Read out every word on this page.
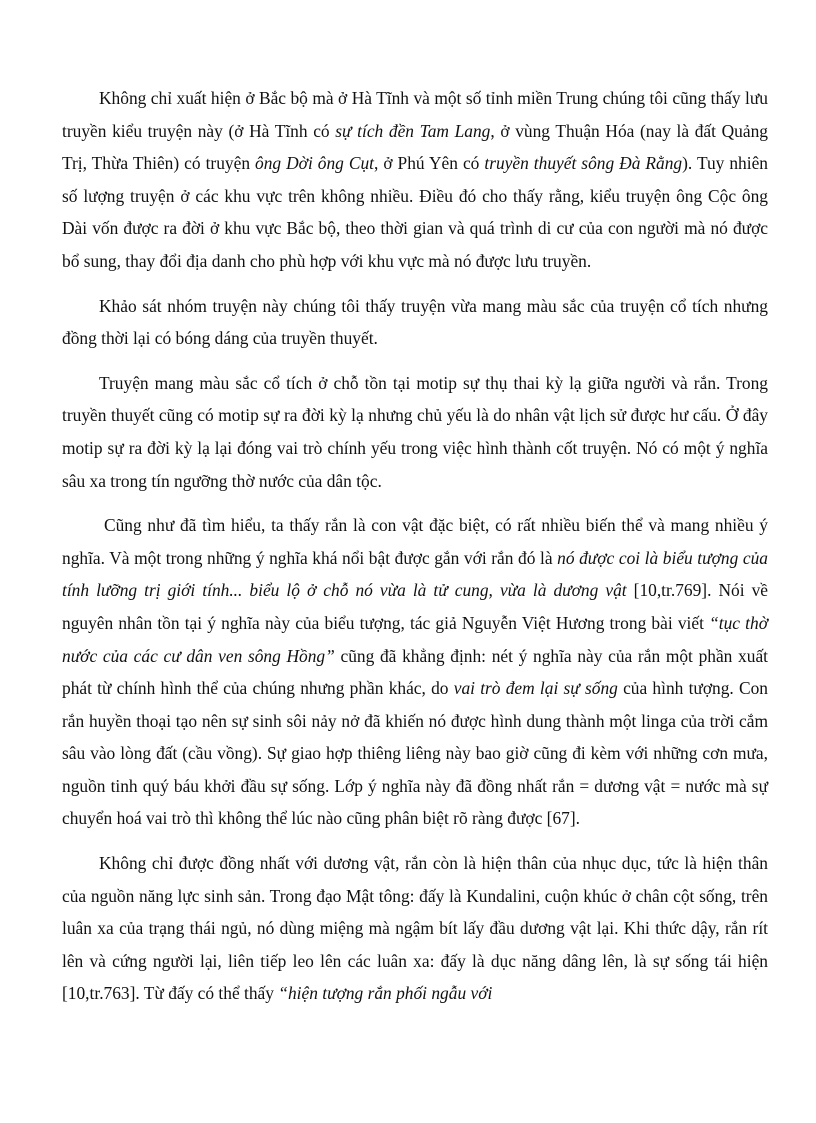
Không chỉ xuất hiện ở Bắc bộ mà ở Hà Tĩnh và một số tỉnh miền Trung chúng tôi cũng thấy lưu truyền kiểu truyện này (ở Hà Tĩnh có sự tích đền Tam Lang, ở vùng Thuận Hóa (nay là đất Quảng Trị, Thừa Thiên) có truyện ông Dời ông Cụt, ở Phú Yên có truyền thuyết sông Đà Rằng). Tuy nhiên số lượng truyện ở các khu vực trên không nhiều. Điều đó cho thấy rằng, kiểu truyện ông Cộc ông Dài vốn được ra đời ở khu vực Bắc bộ, theo thời gian và quá trình di cư của con người mà nó được bổ sung, thay đổi địa danh cho phù hợp với khu vực mà nó được lưu truyền.

Khảo sát nhóm truyện này chúng tôi thấy truyện vừa mang màu sắc của truyện cổ tích nhưng đồng thời lại có bóng dáng của truyền thuyết.

Truyện mang màu sắc cổ tích ở chỗ tồn tại motip sự thụ thai kỳ lạ giữa người và rắn. Trong truyền thuyết cũng có motip sự ra đời kỳ lạ nhưng chủ yếu là do nhân vật lịch sử được hư cấu. Ở đây motip sự ra đời kỳ lạ lại đóng vai trò chính yếu trong việc hình thành cốt truyện. Nó có một ý nghĩa sâu xa trong tín ngưỡng thờ nước của dân tộc.

Cũng như đã tìm hiểu, ta thấy rắn là con vật đặc biệt, có rất nhiều biến thể và mang nhiều ý nghĩa. Và một trong những ý nghĩa khá nổi bật được gắn với rắn đó là nó được coi là biểu tượng của tính lưỡng trị giới tính... biểu lộ ở chỗ nó vừa là tử cung, vừa là dương vật [10,tr.769]. Nói về nguyên nhân tồn tại ý nghĩa này của biểu tượng, tác giả Nguyễn Việt Hương trong bài viết “tục thờ nước của các cư dân ven sông Hồng” cũng đã khẳng định: nét ý nghĩa này của rắn một phần xuất phát từ chính hình thể của chúng nhưng phần khác, do vai trò đem lại sự sống của hình tượng. Con rắn huyền thoại tạo nên sự sinh sôi nảy nở đã khiến nó được hình dung thành một linga của trời cắm sâu vào lòng đất (cầu vồng). Sự giao hợp thiêng liêng này bao giờ cũng đi kèm với những cơn mưa, nguồn tinh quý báu khởi đầu sự sống. Lớp ý nghĩa này đã đồng nhất rắn = dương vật = nước mà sự chuyển hoá vai trò thì không thể lúc nào cũng phân biệt rõ ràng được [67].

Không chỉ được đồng nhất với dương vật, rắn còn là hiện thân của nhục dục, tức là hiện thân của nguồn năng lực sinh sản. Trong đạo Mật tông: đấy là Kundalini, cuộn khúc ở chân cột sống, trên luân xa của trạng thái ngủ, nó dùng miệng mà ngậm bít lấy đầu dương vật lại. Khi thức dậy, rắn rít lên và cứng người lại, liên tiếp leo lên các luân xa: đấy là dục năng dâng lên, là sự sống tái hiện [10,tr.763]. Từ đấy có thể thấy “hiện tượng rắn phối ngẫu với
